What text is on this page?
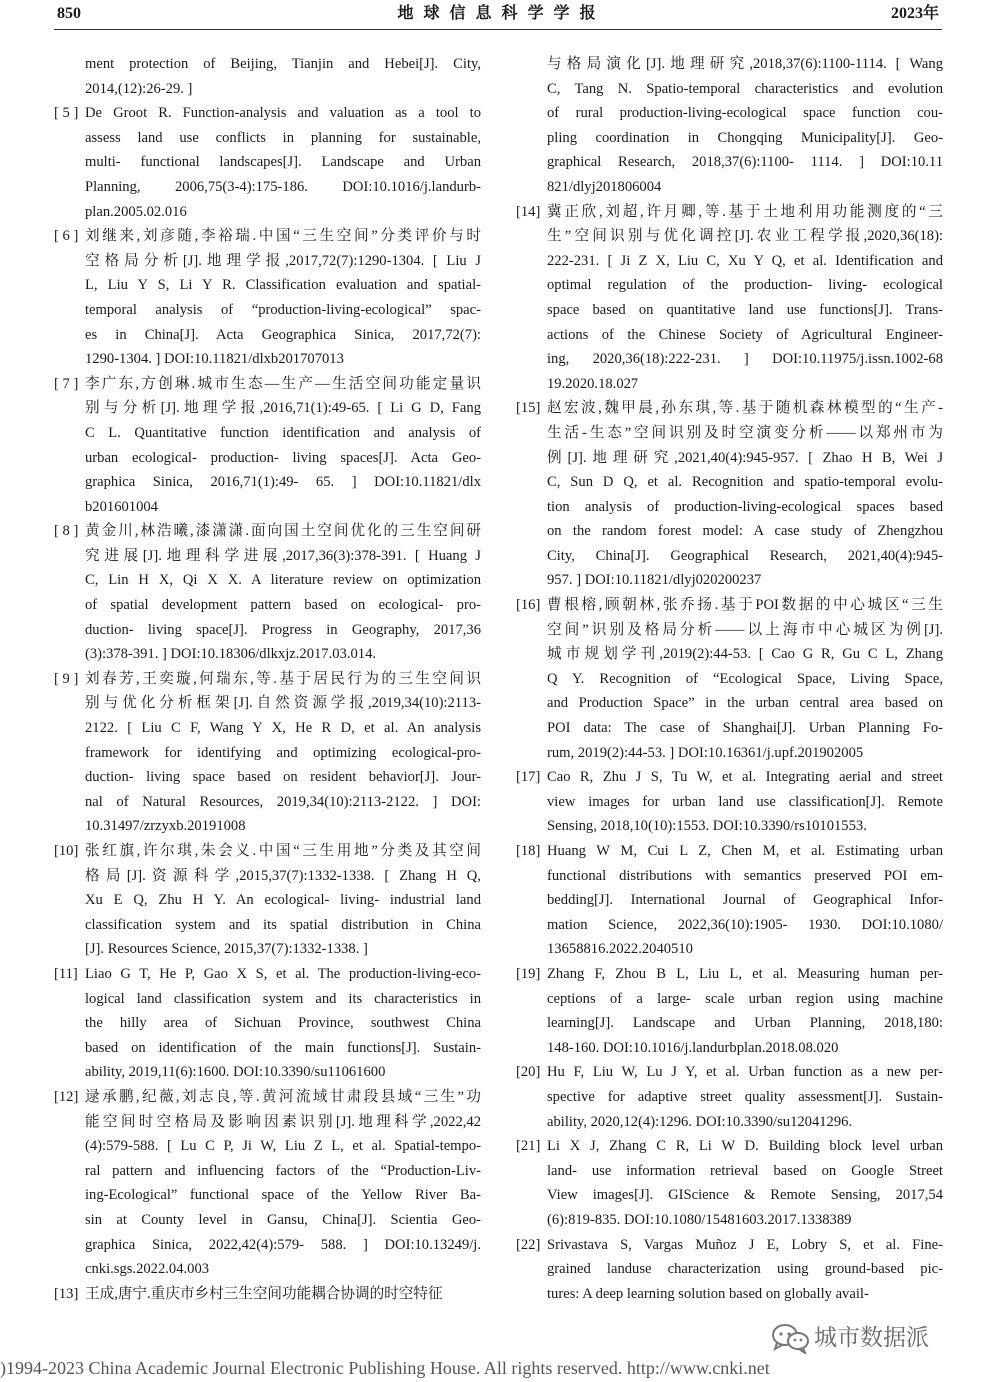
850	地 球 信 息 科 学 学 报	2023年
ment protection of Beijing, Tianjin and Hebei[J]. City,
2014,(12):26-29. ]
[ 5 ] De Groot R. Function-analysis and valuation as a tool to
assess land use conflicts in planning for sustainable,
multi- functional landscapes[J]. Landscape and Urban
Planning, 2006,75(3-4):175-186. DOI:10.1016/j.landurb-
plan.2005.02.016
[ 6 ] 刘继来,刘彦随,李裕瑞.中国“三生空间”分类评价与时
空格局分析[J].地理学报,2017,72(7):1290-1304. [ Liu J
L, Liu Y S, Li Y R. Classification evaluation and spatial-
temporal analysis of “production-living-ecological” spac-
es in China[J]. Acta Geographica Sinica, 2017,72(7):
1290-1304. ] DOI:10.11821/dlxb201707013
[ 7 ] 李广东,方创琳.城市生态—生产—生活空间功能定量识
别与分析[J].地理学报,2016,71(1):49-65. [ Li G D, Fang
C L. Quantitative function identification and analysis of
urban ecological- production- living spaces[J]. Acta Geo-
graphica Sinica, 2016,71(1):49- 65. ] DOI:10.11821/dlx
b201601004
[ 8 ] 黄金川,林浩曦,漆潇潇.面向国土空间优化的三生空间研
究进展[J].地理科学进展,2017,36(3):378-391. [ Huang J
C, Lin H X, Qi X X. A literature review on optimization
of spatial development pattern based on ecological- pro-
duction- living space[J]. Progress in Geography, 2017,36
(3):378-391. ] DOI:10.18306/dlkxjz.2017.03.014.
[ 9 ] 刘春芳,王奕璇,何瑞东,等.基于居民行为的三生空间识
别与优化分析框架[J].自然资源学报,2019,34(10):2113-
2122. [ Liu C F, Wang Y X, He R D, et al. An analysis
framework for identifying and optimizing ecological-pro-
duction- living space based on resident behavior[J]. Jour-
nal of Natural Resources, 2019,34(10):2113-2122. ] DOI:
10.31497/zrzyxb.20191008
[10] 张红旗,许尔琪,朱会义.中国“三生用地”分类及其空间
格局[J].资源科学,2015,37(7):1332-1338. [ Zhang H Q,
Xu E Q, Zhu H Y. An ecological- living- industrial land
classification system and its spatial distribution in China
[J]. Resources Science, 2015,37(7):1332-1338. ]
[11] Liao G T, He P, Gao X S, et al. The production-living-eco-
logical land classification system and its characteristics in
the hilly area of Sichuan Province, southwest China
based on identification of the main functions[J]. Sustain-
ability, 2019,11(6):1600. DOI:10.3390/su11061600
[12] 逯承鹏,纪薇,刘志良,等.黄河流域甘肃段县域“三生”功
能空间时空格局及影响因素识别[J].地理科学,2022,42
(4):579-588. [ Lu C P, Ji W, Liu Z L, et al. Spatial-tempo-
ral pattern and influencing factors of the “Production-Liv-
ing-Ecological” functional space of the Yellow River Ba-
sin at County level in Gansu, China[J]. Scientia Geo-
graphica Sinica, 2022,42(4):579- 588. ] DOI:10.13249/j.
cnki.sgs.2022.04.003
[13] 王成,唐宁.重庆市乡村三生空间功能耦合协调的时空特征
与格局演化[J].地理研究,2018,37(6):1100-1114. [ Wang
C, Tang N. Spatio-temporal characteristics and evolution
of rural production-living-ecological space function cou-
pling coordination in Chongqing Municipality[J]. Geo-
graphical Research, 2018,37(6):1100- 1114. ] DOI:10.11
821/dlyj201806004
[14] 冀正欣,刘超,许月卿,等.基于土地利用功能测度的“三
生”空间识别与优化调控[J].农业工程学报,2020,36(18):
222-231. [ Ji Z X, Liu C, Xu Y Q, et al. Identification and
optimal regulation of the production- living- ecological
space based on quantitative land use functions[J]. Trans-
actions of the Chinese Society of Agricultural Engineer-
ing, 2020,36(18):222-231. ] DOI:10.11975/j.issn.1002-68
19.2020.18.027
[15] 赵宏波,魏甲晨,孙东琪,等.基于随机森林模型的“生产-
生活-生态”空间识别及时空演变分析——以郑州市为
例[J].地理研究,2021,40(4):945-957. [ Zhao H B, Wei J
C, Sun D Q, et al. Recognition and spatio-temporal evolu-
tion analysis of production-living-ecological spaces based
on the random forest model: A case study of Zhengzhou
City, China[J]. Geographical Research, 2021,40(4):945-
957. ] DOI:10.11821/dlyj020200237
[16] 曹根榕,顾朝林,张乔扬.基于POI数据的中心城区“三生
空间”识别及格局分析——以上海市中心城区为例[J].
城市规划学刊,2019(2):44-53. [ Cao G R, Gu C L, Zhang
Q Y. Recognition of “Ecological Space, Living Space,
and Production Space” in the urban central area based on
POI data: The case of Shanghai[J]. Urban Planning Fo-
rum, 2019(2):44-53. ] DOI:10.16361/j.upf.201902005
[17] Cao R, Zhu J S, Tu W, et al. Integrating aerial and street
view images for urban land use classification[J]. Remote
Sensing, 2018,10(10):1553. DOI:10.3390/rs10101553.
[18] Huang W M, Cui L Z, Chen M, et al. Estimating urban
functional distributions with semantics preserved POI em-
bedding[J]. International Journal of Geographical Infor-
mation Science, 2022,36(10):1905- 1930. DOI:10.1080/
13658816.2022.2040510
[19] Zhang F, Zhou B L, Liu L, et al. Measuring human per-
ceptions of a large- scale urban region using machine
learning[J]. Landscape and Urban Planning, 2018,180:
148-160. DOI:10.1016/j.landurbplan.2018.08.020
[20] Hu F, Liu W, Lu J Y, et al. Urban function as a new per-
spective for adaptive street quality assessment[J]. Sustain-
ability, 2020,12(4):1296. DOI:10.3390/su12041296.
[21] Li X J, Zhang C R, Li W D. Building block level urban
land- use information retrieval based on Google Street
View images[J]. GIScience & Remote Sensing, 2017,54
(6):819-835. DOI:10.1080/15481603.2017.1338389
[22] Srivastava S, Vargas Muñoz J E, Lobry S, et al. Fine-
grained landuse characterization using ground-based pic-
tures: A deep learning solution based on globally avail-
城市数据派
)1994-2023 China Academic Journal Electronic Publishing House. All rights reserved. http://www.cnki.net
